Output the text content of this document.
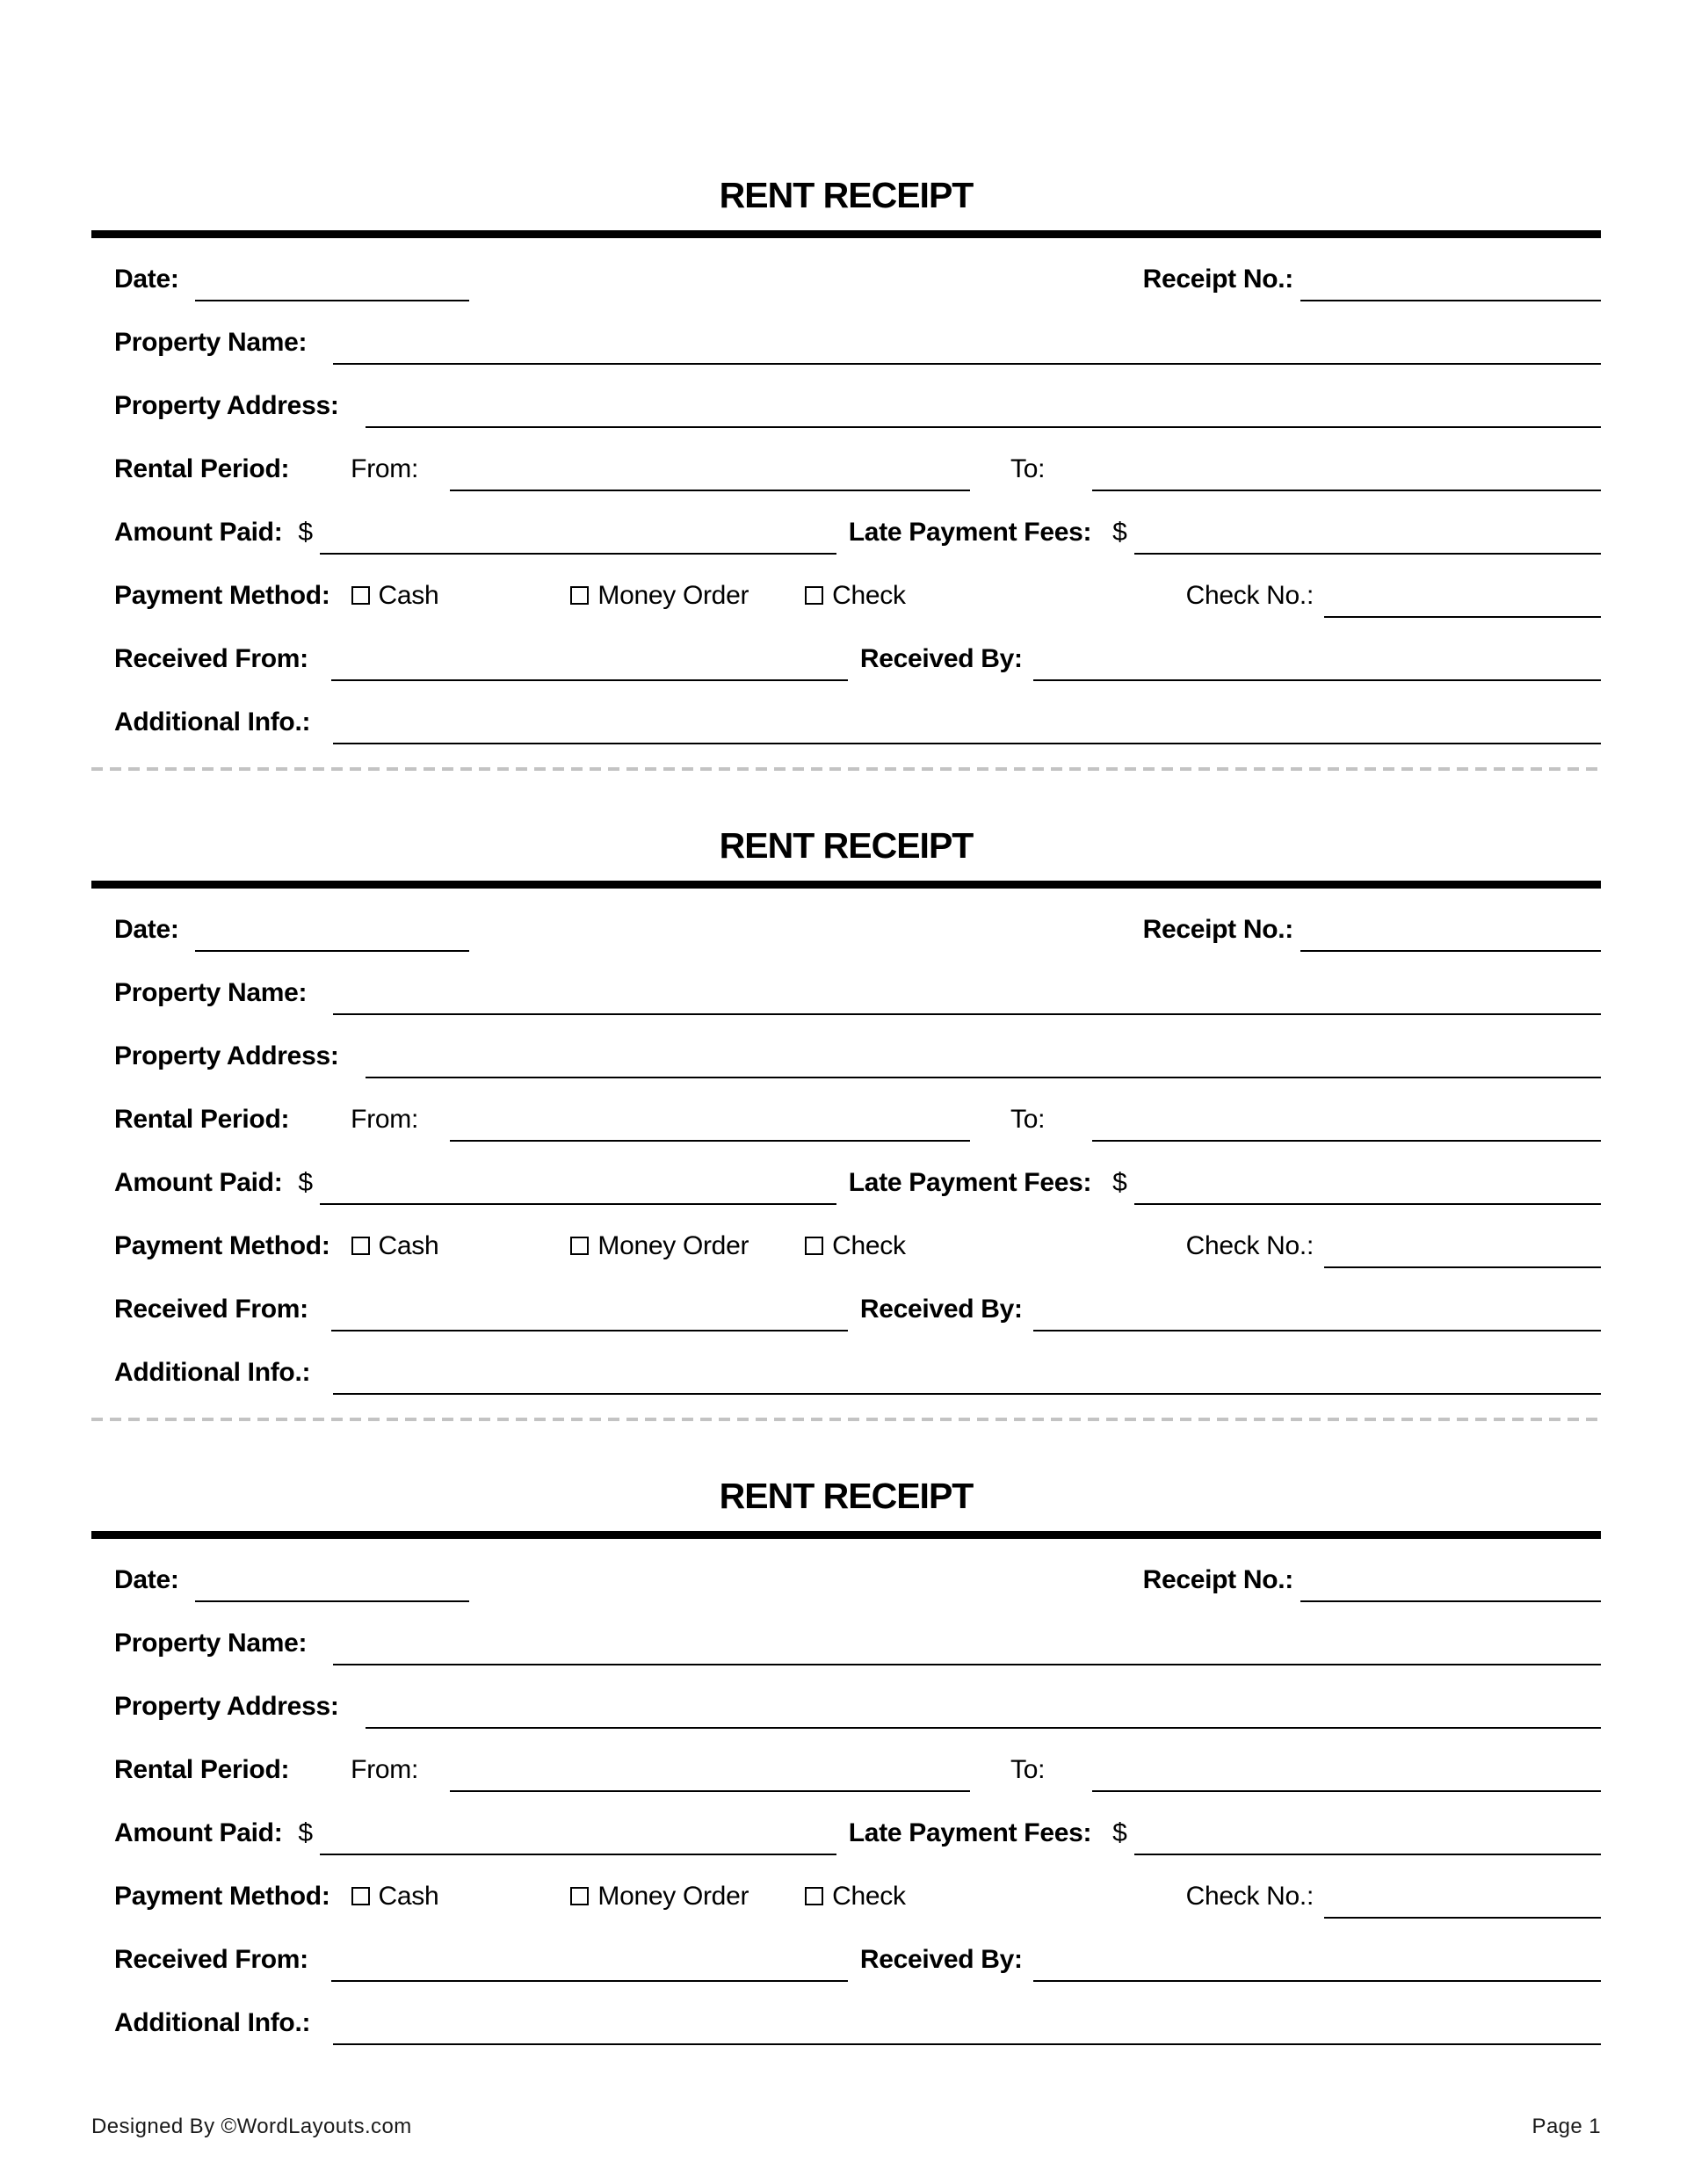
RENT RECEIPT
Date:	Receipt No.:
Property Name:
Property Address:
Rental Period: From:	To:
Amount Paid: $	Late Payment Fees: $
Payment Method: Cash	Money Order	Check	Check No.:
Received From:	Received By:
Additional Info.:
RENT RECEIPT
Date:	Receipt No.:
Property Name:
Property Address:
Rental Period: From:	To:
Amount Paid: $	Late Payment Fees: $
Payment Method: Cash	Money Order	Check	Check No.:
Received From:	Received By:
Additional Info.:
RENT RECEIPT
Date:	Receipt No.:
Property Name:
Property Address:
Rental Period: From:	To:
Amount Paid: $	Late Payment Fees: $
Payment Method: Cash	Money Order	Check	Check No.:
Received From:	Received By:
Additional Info.:
Designed By ©WordLayouts.com	Page 1
